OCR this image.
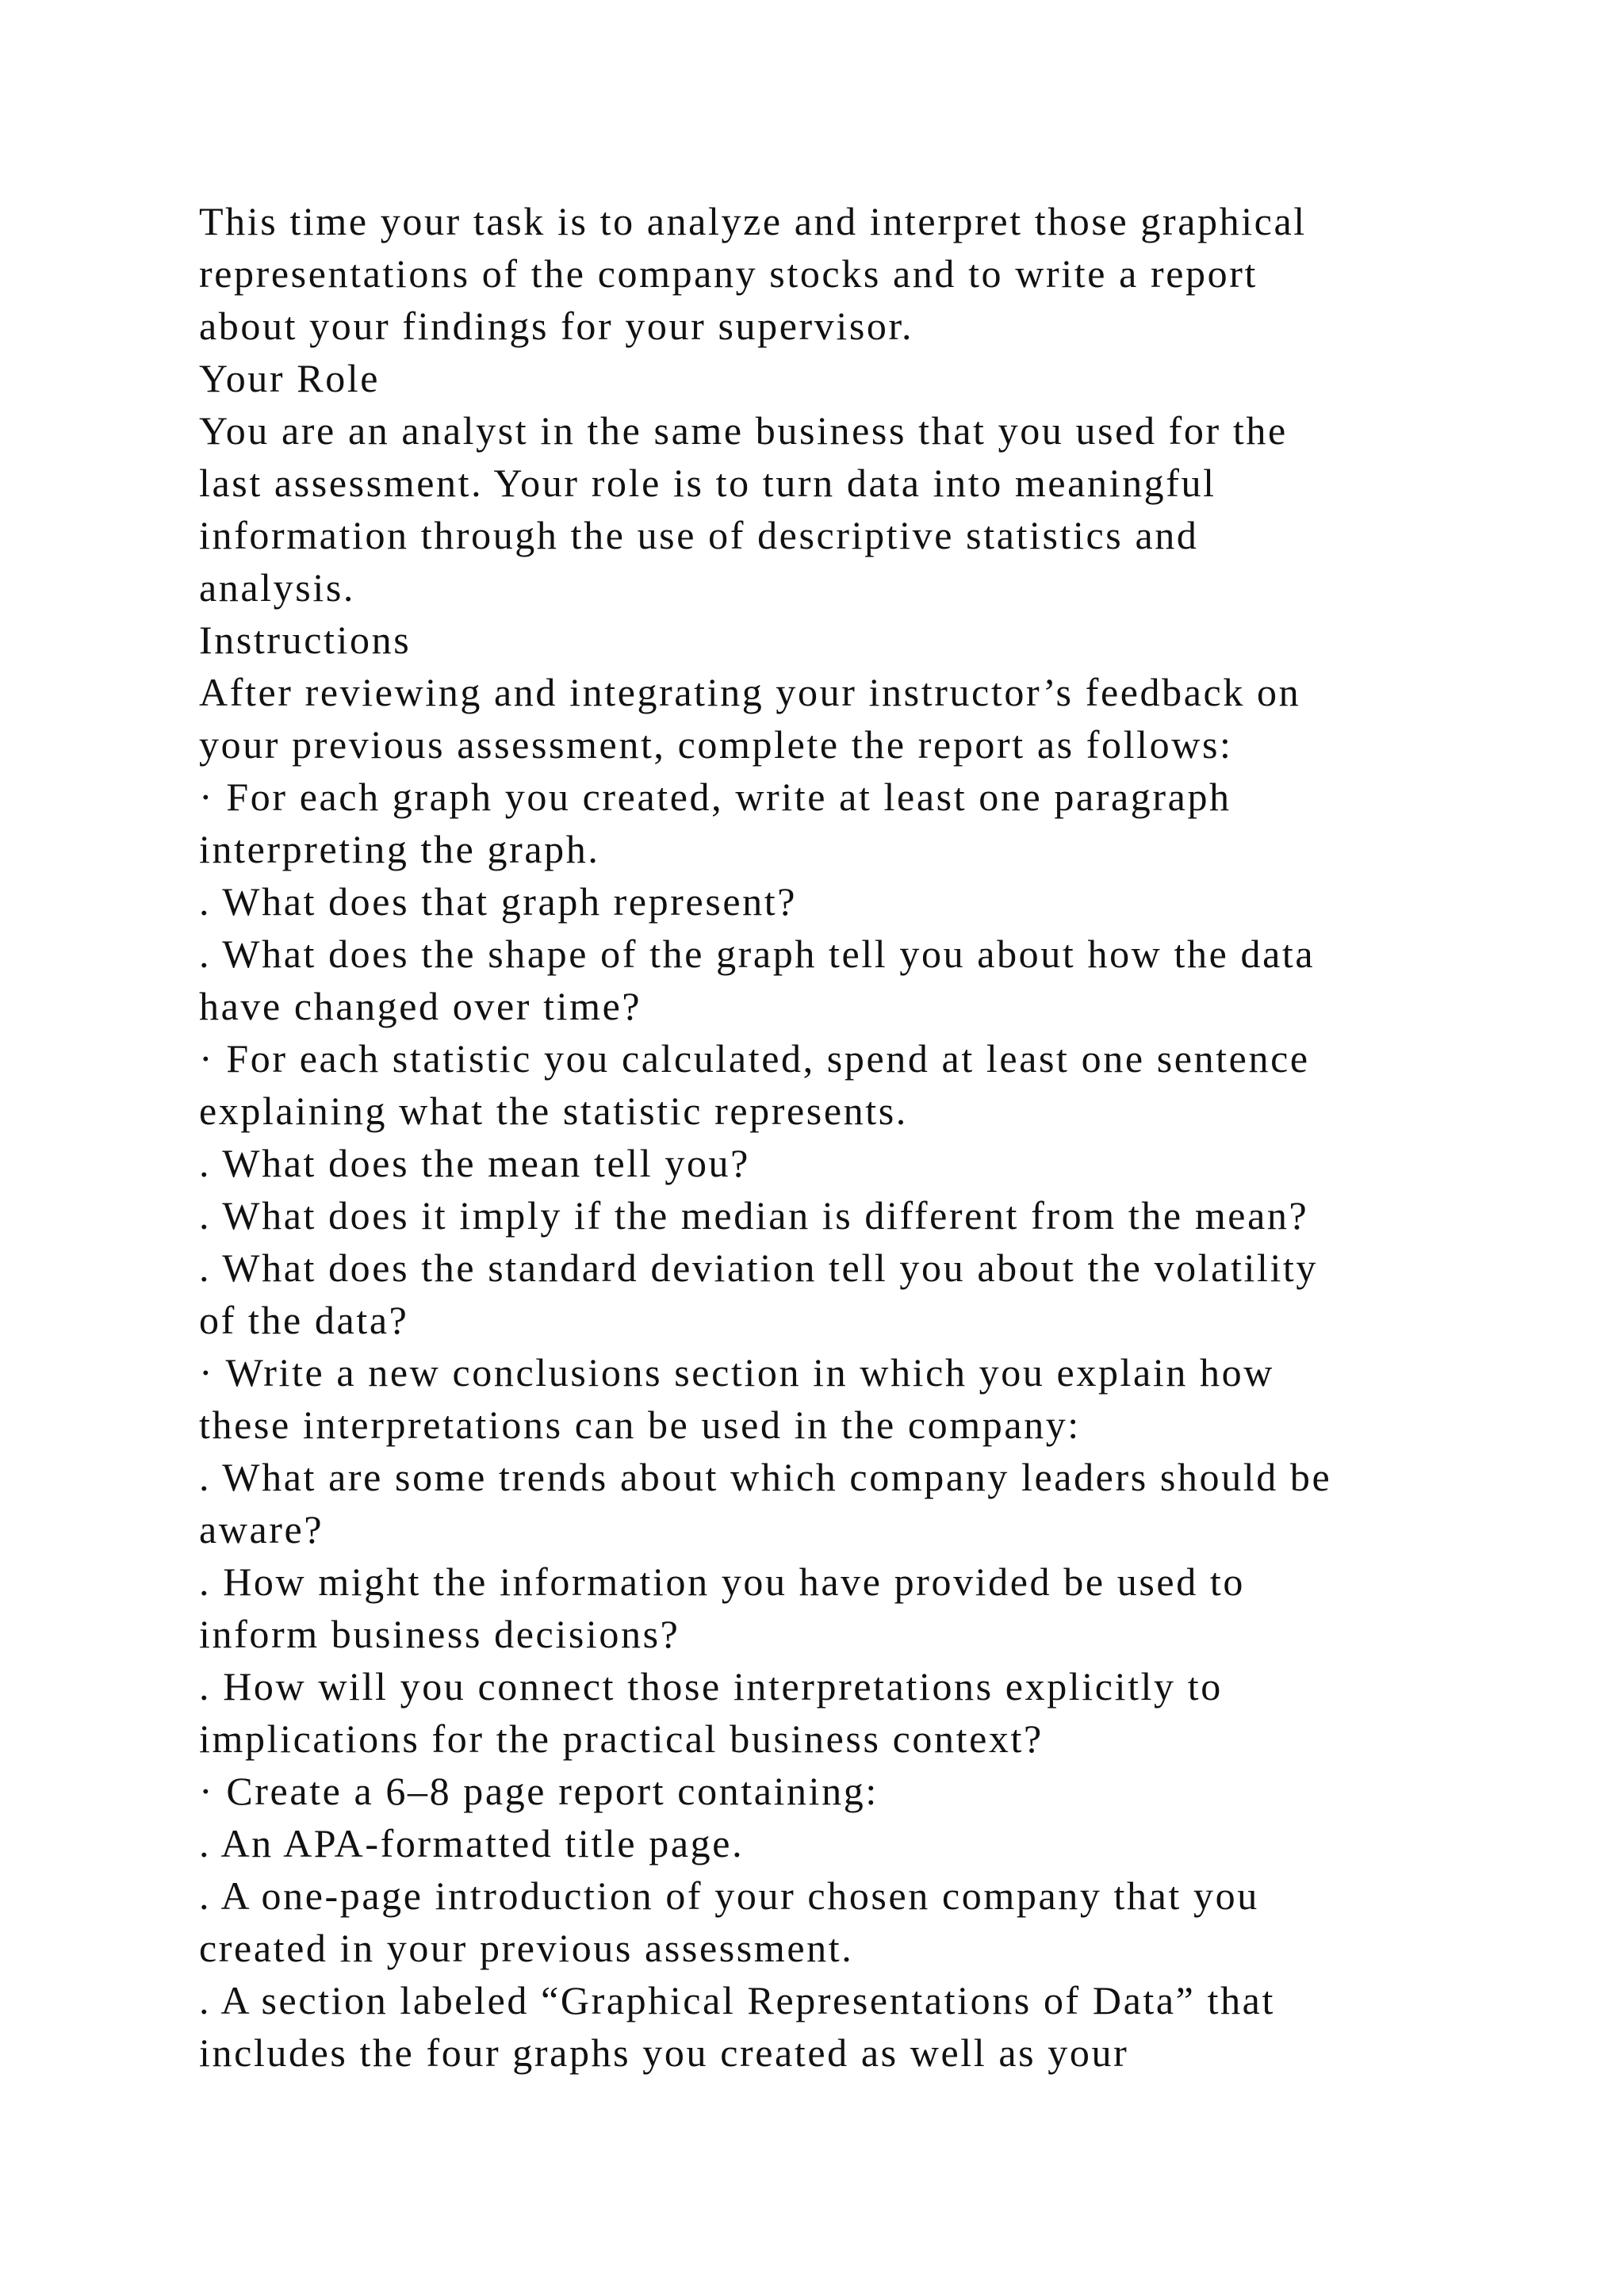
This time your task is to analyze and interpret those graphical
representations of the company stocks and to write a report
about your findings for your supervisor.
Your Role
You are an analyst in the same business that you used for the
last assessment. Your role is to turn data into meaningful
information through the use of descriptive statistics and
analysis.
Instructions
After reviewing and integrating your instructor’s feedback on
your previous assessment, complete the report as follows:
· For each graph you created, write at least one paragraph
interpreting the graph.
. What does that graph represent?
. What does the shape of the graph tell you about how the data
have changed over time?
· For each statistic you calculated, spend at least one sentence
explaining what the statistic represents.
. What does the mean tell you?
. What does it imply if the median is different from the mean?
. What does the standard deviation tell you about the volatility
of the data?
· Write a new conclusions section in which you explain how
these interpretations can be used in the company:
. What are some trends about which company leaders should be
aware?
. How might the information you have provided be used to
inform business decisions?
. How will you connect those interpretations explicitly to
implications for the practical business context?
· Create a 6–8 page report containing:
. An APA-formatted title page.
. A one-page introduction of your chosen company that you
created in your previous assessment.
. A section labeled “Graphical Representations of Data” that
includes the four graphs you created as well as your
